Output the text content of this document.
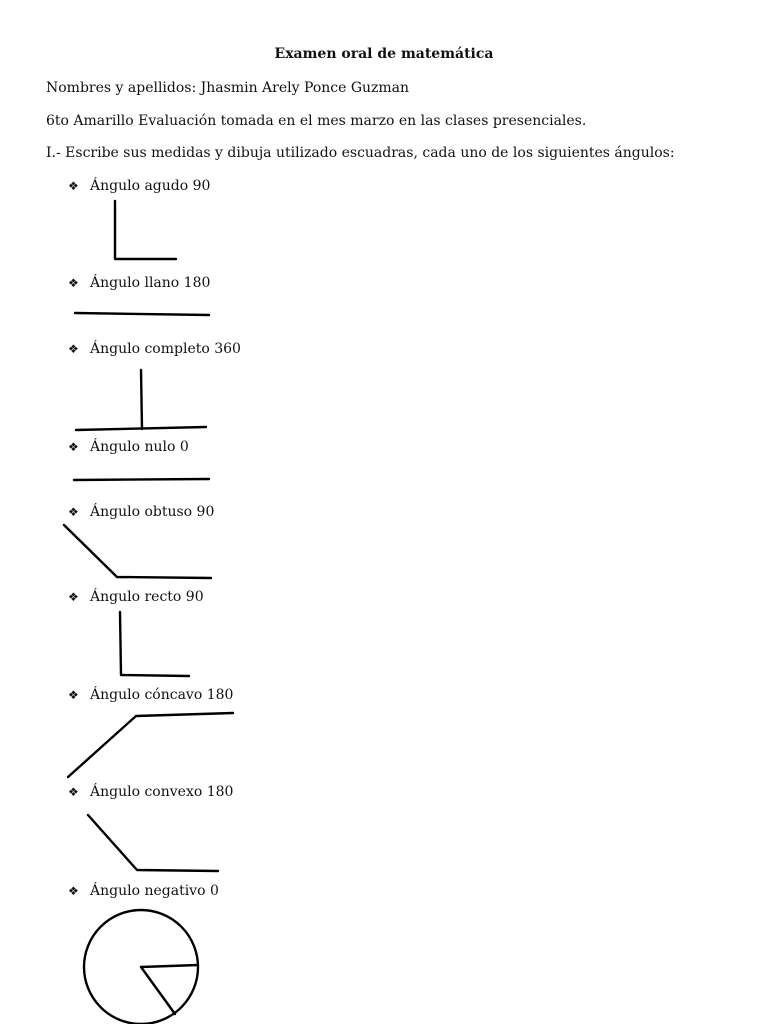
Examen oral de matemática
Nombres y apellidos: Jhasmin Arely Ponce Guzman
6to Amarillo Evaluación tomada en el mes marzo en las clases presenciales.
I.- Escribe sus medidas y dibuja utilizado escuadras, cada uno de los siguientes ángulos:
❖ Ángulo agudo 90
❖ Ángulo llano 180
❖ Ángulo completo 360
❖ Ángulo nulo 0
❖ Ángulo obtuso 90
❖ Ángulo recto 90
❖ Ángulo cóncavo 180
❖ Ángulo convexo 180
❖ Ángulo negativo 0
